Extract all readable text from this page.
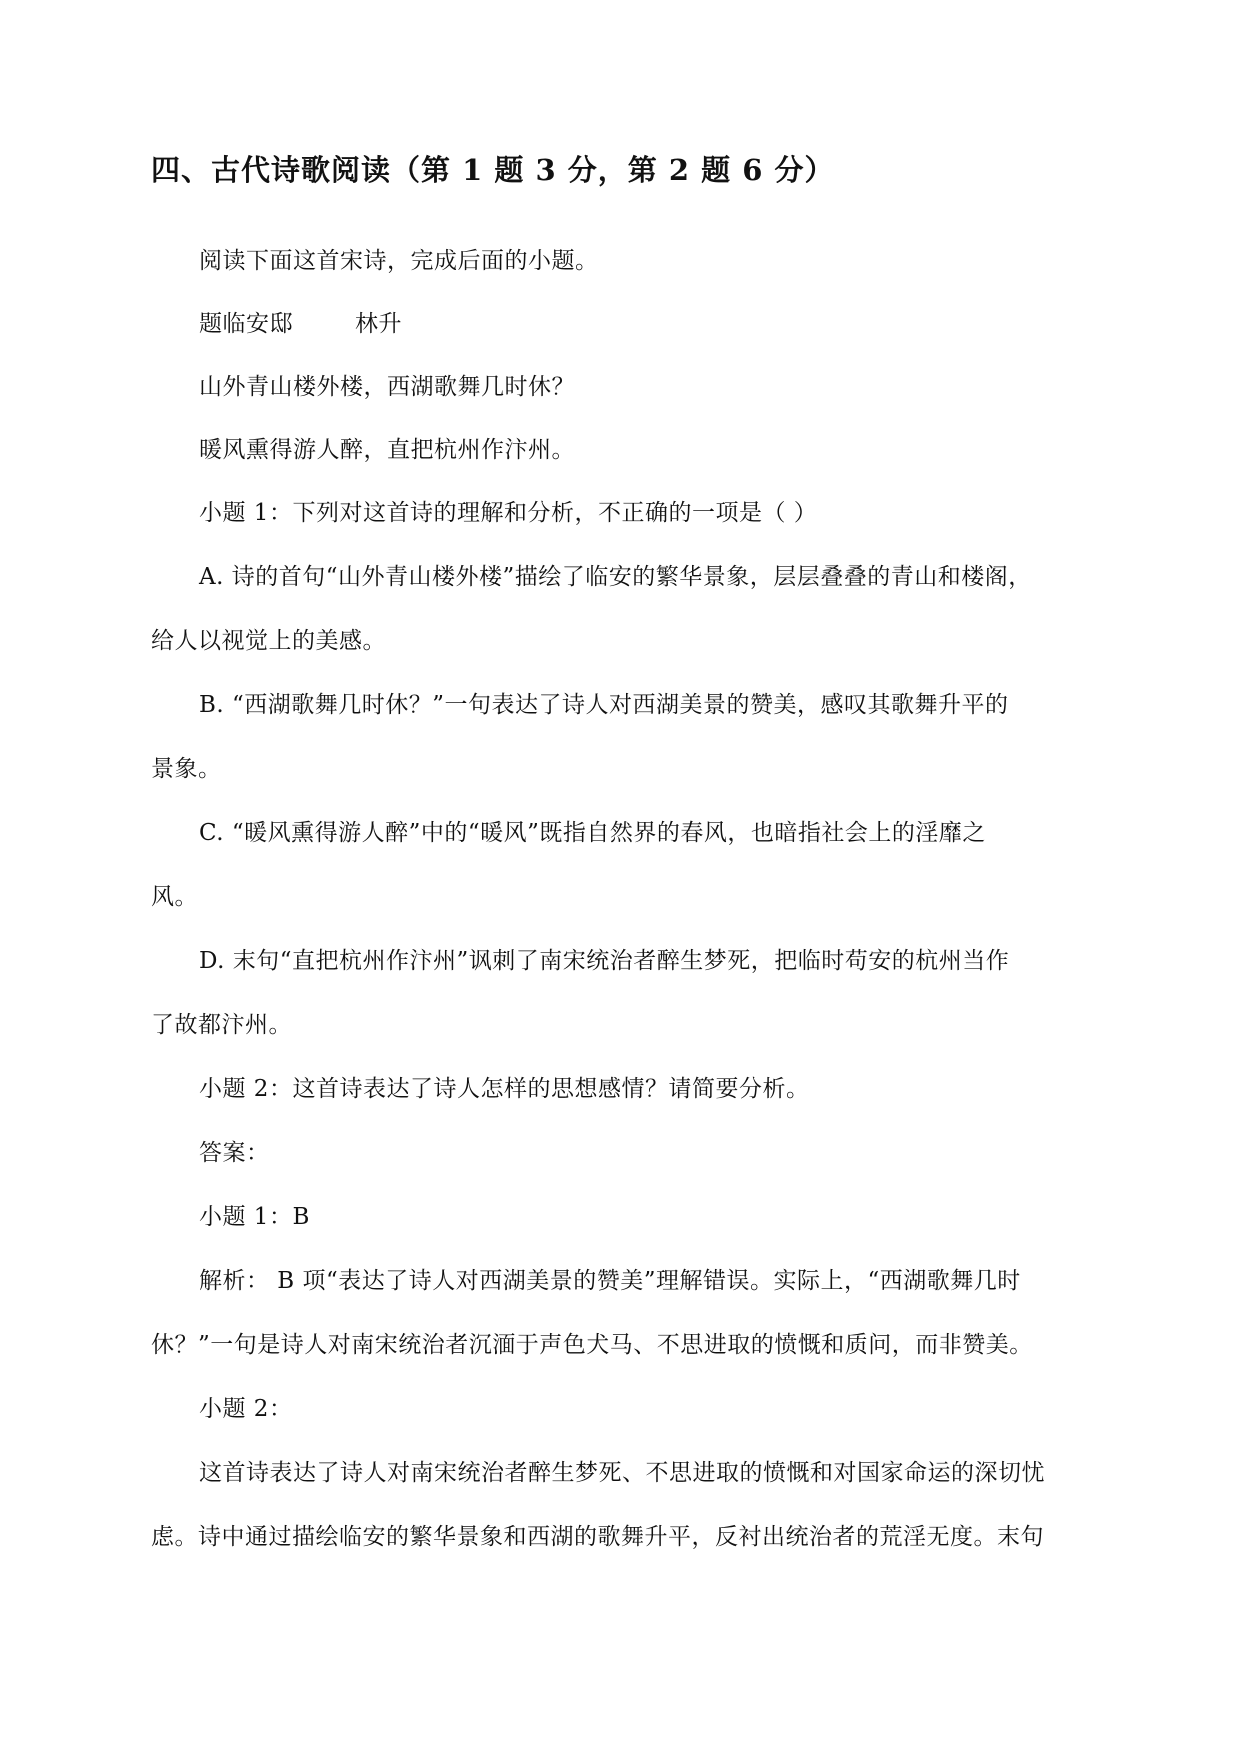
四、古代诗歌阅读（第 1 题 3 分，第 2 题 6 分）
阅读下面这首宋诗，完成后面的小题。
题临安邸	林升
山外青山楼外楼，西湖歌舞几时休？
暖风熏得游人醉，直把杭州作汴州。
小题 1：下列对这首诗的理解和分析，不正确的一项是（ ）
A. 诗的首句“山外青山楼外楼”描绘了临安的繁华景象，层层叠叠的青山和楼阁，
给人以视觉上的美感。
B. “西湖歌舞几时休？”一句表达了诗人对西湖美景的赞美，感叹其歌舞升平的
景象。
C. “暖风熏得游人醉”中的“暖风”既指自然界的春风，也暗指社会上的淫靡之
风。
D. 末句“直把杭州作汴州”讽刺了南宋统治者醉生梦死，把临时苟安的杭州当作
了故都汴州。
小题 2：这首诗表达了诗人怎样的思想感情？请简要分析。
答案：
小题 1：B
解析： B 项“表达了诗人对西湖美景的赞美”理解错误。实际上，“西湖歌舞几时
休？”一句是诗人对南宋统治者沉湎于声色犬马、不思进取的愤慨和质问，而非赞美。
小题 2：
这首诗表达了诗人对南宋统治者醉生梦死、不思进取的愤慨和对国家命运的深切忧
虑。诗中通过描绘临安的繁华景象和西湖的歌舞升平，反衬出统治者的荒淫无度。末句
